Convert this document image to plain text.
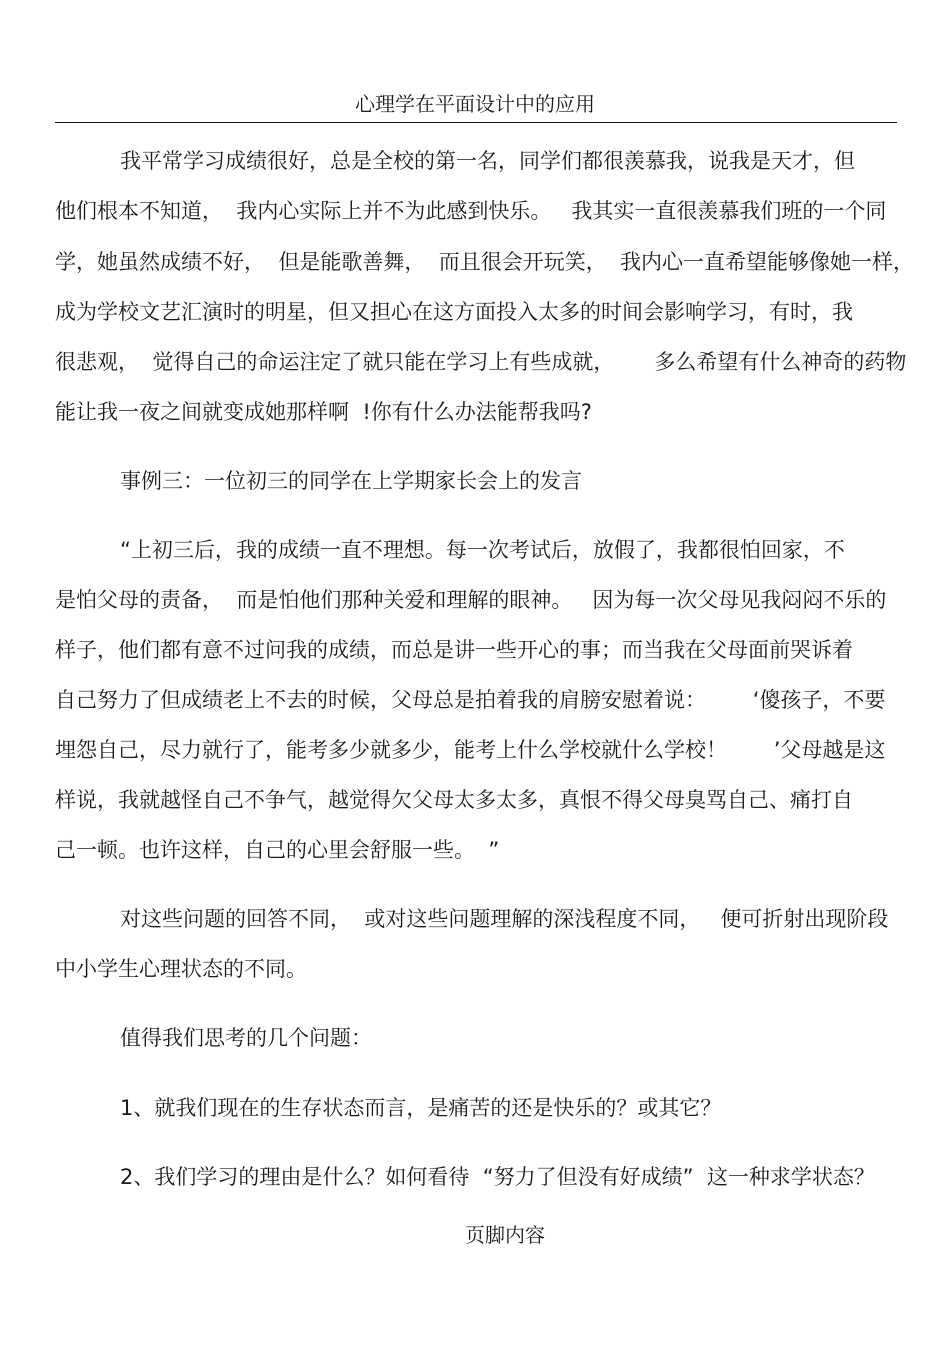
心理学在平面设计中的应用
我平常学习成绩很好，总是全校的第一名，同学们都很羡慕我，说我是天才，但
他们根本不知道，  我内心实际上并不为此感到快乐。   我其实一直很羡慕我们班的一个同
学，她虽然成绩不好，  但是能歌善舞，  而且很会开玩笑，  我内心一直希望能够像她一样，
成为学校文艺汇演时的明星，但又担心在这方面投入太多的时间会影响学习，有时，我
很悲观，  觉得自己的命运注定了就只能在学习上有些成就，      多么希望有什么神奇的药物
能让我一夜之间就变成她那样啊  !你有什么办法能帮我吗?
事例三：一位初三的同学在上学期家长会上的发言
“上初三后，我的成绩一直不理想。每一次考试后，放假了，我都很怕回家，不
是怕父母的责备，  而是怕他们那种关爱和理解的眼神。   因为每一次父母见我闷闷不乐的
样子，他们都有意不过问我的成绩，而总是讲一些开心的事；而当我在父母面前哭诉着
自己努力了但成绩老上不去的时候，父母总是拍着我的肩膀安慰着说：       ‘傻孩子，不要
埋怨自己，尽力就行了，能考多少就多少，能考上什么学校就什么学校！       ’父母越是这
样说，我就越怪自己不争气，越觉得欠父母太多太多，真恨不得父母臭骂自己、痛打自
己一顿。也许这样，自己的心里会舒服一些。  ”
对这些问题的回答不同，  或对这些问题理解的深浅程度不同，   便可折射出现阶段
中小学生心理状态的不同。
值得我们思考的几个问题：
1、就我们现在的生存状态而言，是痛苦的还是快乐的？或其它？
2、我们学习的理由是什么？如何看待  “努力了但没有好成绩”  这一种求学状态？
页脚内容
